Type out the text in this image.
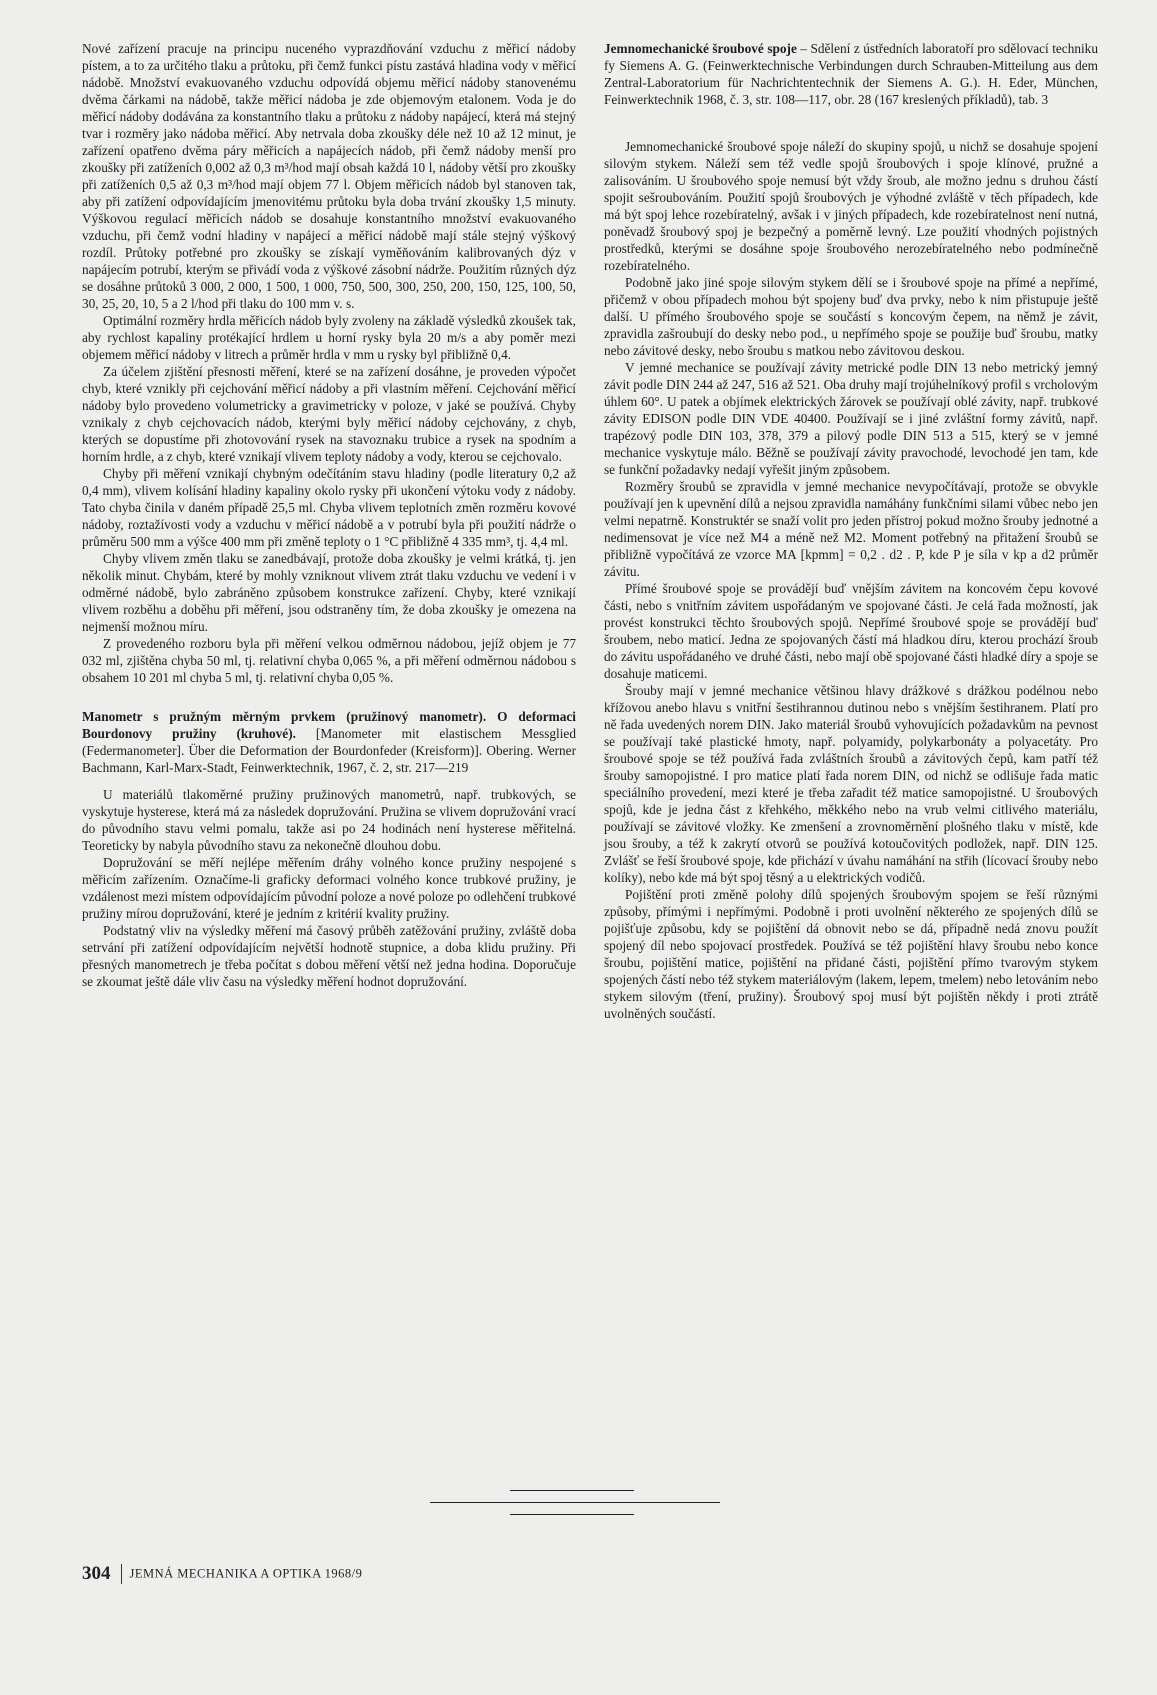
Nové zařízení pracuje na principu nuceného vyprazdňování vzduchu z měřicí nádoby pístem, a to za určitého tlaku a průtoku, při čemž funkci pístu zastává hladina vody v měřicí nádobě. Množství evakuovaného vzduchu odpovídá objemu měřicí nádoby stanovenému dvěma čárkami na nádobě, takže měřicí nádoba je zde objemovým etalonem. Voda je do měřicí nádoby dodávána za konstantního tlaku a průtoku z nádoby napájecí, která má stejný tvar i rozměry jako nádoba měřicí. Aby netrvala doba zkoušky déle než 10 až 12 minut, je zařízení opatřeno dvěma páry měřicích a napájecích nádob, při čemž nádoby menší pro zkoušky při zatíženích 0,002 až 0,3 m³/hod mají obsah každá 10 l, nádoby větší pro zkoušky při zatíženích 0,5 až 0,3 m³/hod mají objem 77 l. Objem měřicích nádob byl stanoven tak, aby při zatížení odpovídajícím jmenovitému průtoku byla doba trvání zkoušky 1,5 minuty. Výškovou regulací měřicích nádob se dosahuje konstantního množství evakuovaného vzduchu, při čemž vodní hladiny v napájecí a měřicí nádobě mají stále stejný výškový rozdíl. Průtoky potřebné pro zkoušky se získají vyměňováním kalibrovaných dýz v napájecím potrubí, kterým se přivádí voda z výškové zásobní nádrže. Použitím různých dýz se dosáhne průtoků 3 000, 2 000, 1 500, 1 000, 750, 500, 300, 250, 200, 150, 125, 100, 50, 30, 25, 20, 10, 5 a 2 l/hod při tlaku do 100 mm v. s.

Optimální rozměry hrdla měřicích nádob byly zvoleny na základě výsledků zkoušek tak, aby rychlost kapaliny protékající hrdlem u horní rysky byla 20 m/s a aby poměr mezi objemem měřicí nádoby v litrech a průměr hrdla v mm u rysky byl přibližně 0,4.

Za účelem zjištění přesnosti měření, které se na zařízení dosáhne, je proveden výpočet chyb, které vznikly při cejchování měřicí nádoby a při vlastním měření. Cejchování měřicí nádoby bylo provedeno volumetricky a gravimetricky v poloze, v jaké se používá. Chyby vznikaly z chyb cejchovacích nádob, kterými byly měřicí nádoby cejchovány, z chyb, kterých se dopustíme při zhotovování rysek na stavoznaku trubice a rysek na spodním a horním hrdle, a z chyb, které vznikají vlivem teploty nádoby a vody, kterou se cejchovalo.

Chyby při měření vznikají chybným odečítáním stavu hladiny (podle literatury 0,2 až 0,4 mm), vlivem kolísání hladiny kapaliny okolo rysky při ukončení výtoku vody z nádoby. Tato chyba činila v daném případě 25,5 ml. Chyba vlivem teplotních změn rozměru kovové nádoby, roztažívosti vody a vzduchu v měřicí nádobě a v potrubí byla při použití nádrže o průměru 500 mm a výšce 400 mm při změně teploty o 1 °C přibližně 4 335 mm³, tj. 4,4 ml.

Chyby vlivem změn tlaku se zanedbávají, protože doba zkoušky je velmi krátká, tj. jen několik minut. Chybám, které by mohly vzniknout vlivem ztrát tlaku vzduchu ve vedení i v odměrné nádobě, bylo zabráněno způsobem konstrukce zařízení. Chyby, které vznikají vlivem rozběhu a doběhu při měření, jsou odstraněny tím, že doba zkoušky je omezena na nejmenší možnou míru.

Z provedeného rozboru byla při měření velkou odměrnou nádobou, jejíž objem je 77 032 ml, zjištěna chyba 50 ml, tj. relativní chyba 0,065 %, a při měření odměrnou nádobou s obsahem 10 201 ml chyba 5 ml, tj. relativní chyba 0,05 %.

Manometr s pružným měrným prvkem (pružinový manometr). O deformaci Bourdonovy pružiny (kruhové). [Manometer mit elastischem Messglied (Federmanometer]. Über die Deformation der Bourdonfeder (Kreisform)]. Obering. Werner Bachmann, Karl-Marx-Stadt, Feinwerktechnik, 1967, č. 2, str. 217—219

U materiálů tlakoměrné pružiny pružinových manometrů, např. trubkových, se vyskytuje hysterese, která má za následek dopružování. Pružina se vlivem dopružování vrací do původního stavu velmi pomalu, takže asi po 24 hodinách není hysterese měřitelná. Teoreticky by nabyla původního stavu za nekonečně dlouhou dobu.

Dopružování se měří nejlépe měřením dráhy volného konce pružiny nespojené s měřicím zařízením. Označíme-li graficky deformaci volného konce trubkové pružiny, je vzdálenost mezi místem odpovídajícím původní poloze a nové poloze po odlehčení trubkové pružiny mírou dopružování, které je jedním z kritérií kvality pružiny.

Podstatný vliv na výsledky měření má časový průběh zatěžování pružiny, zvláště doba setrvání při zatížení odpovídajícím největší hodnotě stupnice, a doba klidu pružiny. Při přesných manometrech je třeba počítat s dobou měření větší než jedna hodina. Doporučuje se zkoumat ještě dále vliv času na výsledky měření hodnot dopružování.

Jemnomechanické šroubové spoje – Sdělení z ústředních laboratoří pro sdělovací techniku fy Siemens A. G. (Feinwerktechnische Verbindungen durch Schrauben-Mitteilung aus dem Zentral-Laboratorium für Nachrichtentechnik der Siemens A. G.). H. Eder, München, Feinwerktechnik 1968, č. 3, str. 108—117, obr. 28 (167 kreslených příkladů), tab. 3

Jemnomechanické šroubové spoje náleží do skupiny spojů, u nichž se dosahuje spojení silovým stykem. Náleží sem též vedle spojů šroubových i spoje klínové, pružné a zalisováním. U šroubového spoje nemusí být vždy šroub, ale možno jednu s druhou částí spojit sešroubováním. Použití spojů šroubových je výhodné zvláště v těch případech, kde má být spoj lehce rozebíratelný, avšak i v jiných případech, kde rozebíratelnost není nutná, poněvadž šroubový spoj je bezpečný a poměrně levný. Lze použití vhodných pojistných prostředků, kterými se dosáhne spoje šroubového nerozebíratelného nebo podmínečně rozebíratelného.

Podobně jako jiné spoje silovým stykem dělí se i šroubové spoje na přímé a nepřímé, přičemž v obou případech mohou být spojeny buď dva prvky, nebo k nim přistupuje ještě další. U přímého šroubového spoje se součástí s koncovým čepem, na němž je závit, zpravidla zašroubují do desky nebo pod., u nepřímého spoje se použije buď šroubu, matky nebo závitové desky, nebo šroubu s matkou nebo závitovou deskou.

V jemné mechanice se používají závity metrické podle DIN 13 nebo metrický jemný závit podle DIN 244 až 247, 516 až 521. Oba druhy mají trojúhelníkový profil s vrcholovým úhlem 60°. U patek a objímek elektrických žárovek se používají oblé závity, např. trubkové závity EDISON podle DIN VDE 40400. Používají se i jiné zvláštní formy závitů, např. trapézový podle DIN 103, 378, 379 a pilový podle DIN 513 a 515, který se v jemné mechanice vyskytuje málo. Běžně se používají závity pravochodé, levochodé jen tam, kde se funkční požadavky nedají vyřešit jiným způsobem.

Rozměry šroubů se zpravidla v jemné mechanice nevypočítávají, protože se obvykle používají jen k upevnění dílů a nejsou zpravidla namáhány funkčními silami vůbec nebo jen velmi nepatrně. Konstruktér se snaží volit pro jeden přístroj pokud možno šrouby jednotné a nedimensovat je více než M4 a méně než M2. Moment potřebný na přitažení šroubů se přibližně vypočítává ze vzorce MA [kpmm] = 0,2 . d2 . P, kde P je síla v kp a d2 průměr závitu.

Přímé šroubové spoje se provádějí buď vnějším závitem na koncovém čepu kovové části, nebo s vnitřním závitem uspořádaným ve spojované části. Je celá řada možností, jak provést konstrukci těchto šroubových spojů. Nepřímé šroubové spoje se provádějí buď šroubem, nebo maticí. Jedna ze spojovaných částí má hladkou díru, kterou prochází šroub do závitu uspořádaného ve druhé části, nebo mají obě spojované části hladké díry a spoje se dosahuje maticemi.

Šrouby mají v jemné mechanice většinou hlavy drážkové s drážkou podélnou nebo křížovou anebo hlavu s vnitřní šestihrannou dutinou nebo s vnějším šestihranem. Platí pro ně řada uvedených norem DIN. Jako materiál šroubů vyhovujících požadavkům na pevnost se používají také plastické hmoty, např. polyamidy, polykarbonáty a polyacetáty. Pro šroubové spoje se též používá řada zvláštních šroubů a závitových čepů, kam patří též šrouby samopojistné. I pro matice platí řada norem DIN, od nichž se odlišuje řada matic speciálního provedení, mezi které je třeba zařadit též matice samopojistné. U šroubových spojů, kde je jedna část z křehkého, měkkého nebo na vrub velmi citlivého materiálu, používají se závitové vložky. Ke zmenšení a zrovnoměrnění plošného tlaku v místě, kde jsou šrouby, a též k zakrytí otvorů se používá kotoučovitých podložek, např. DIN 125. Zvlášť se řeší šroubové spoje, kde přichází v úvahu namáhání na střih (lícovací šrouby nebo kolíky), nebo kde má být spoj těsný a u elektrických vodičů.

Pojištění proti změně polohy dílů spojených šroubovým spojem se řeší různými způsoby, přímými i nepřímými. Podobně i proti uvolnění některého ze spojených dílů se pojišťuje způsobu, kdy se pojištění dá obnovit nebo se dá, případně nedá znovu použít spojený díl nebo spojovací prostředek. Používá se též pojištění hlavy šroubu nebo konce šroubu, pojištění matice, pojištění na přidané části, pojištění přímo tvarovým stykem spojených částí nebo též stykem materiálovým (lakem, lepem, tmelem) nebo letováním nebo stykem silovým (tření, pružiny). Šroubový spoj musí být pojištěn někdy i proti ztrátě uvolněných součástí.

304 JEMNÁ MECHANIKA A OPTIKA 1968/9
